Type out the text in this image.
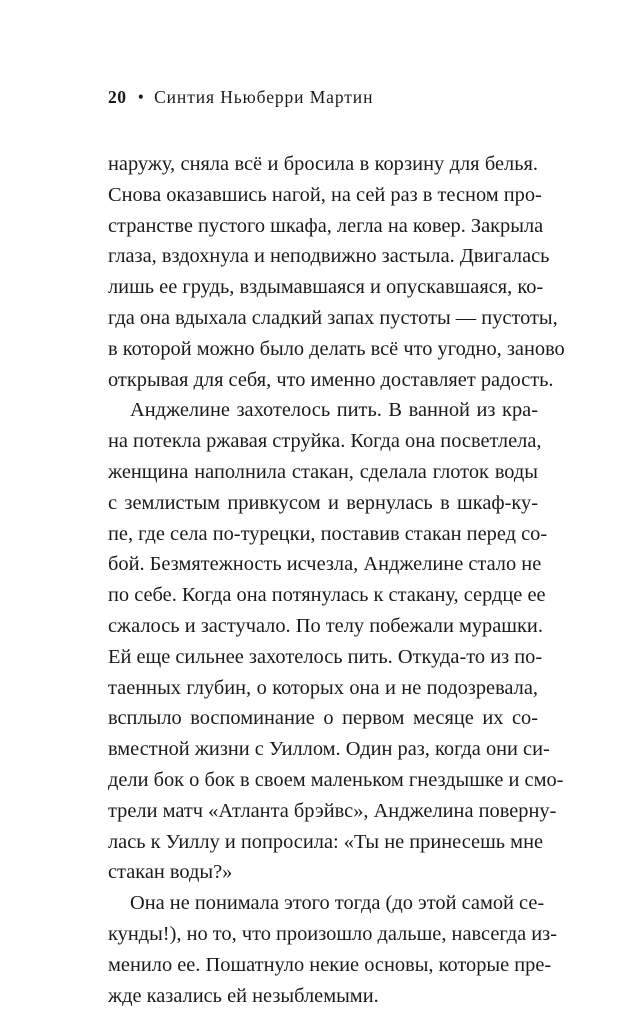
20 • Синтия Ньюберри Мартин
наружу, сняла всё и бросила в корзину для белья.
Снова оказавшись нагой, на сей раз в тесном про-
странстве пустого шкафа, легла на ковер. Закрыла
глаза, вздохнула и неподвижно застыла. Двигалась
лишь ее грудь, вздымавшаяся и опускавшаяся, ко-
гда она вдыхала сладкий запах пустоты — пустоты,
в которой можно было делать всё что угодно, заново
открывая для себя, что именно доставляет радость.
Анджелине захотелось пить. В ванной из кра-
на потекла ржавая струйка. Когда она посветлела,
женщина наполнила стакан, сделала глоток воды
с землистым привкусом и вернулась в шкаф-ку-
пе, где села по-турецки, поставив стакан перед со-
бой. Безмятежность исчезла, Анджелине стало не
по себе. Когда она потянулась к стакану, сердце ее
сжалось и застучало. По телу побежали мурашки.
Ей еще сильнее захотелось пить. Откуда-то из по-
таенных глубин, о которых она и не подозревала,
всплыло воспоминание о первом месяце их со-
вместной жизни с Уиллом. Один раз, когда они си-
дели бок о бок в своем маленьком гнездышке и смо-
трели матч «Атланта брэйвс», Анджелина поверну-
лась к Уиллу и попросила: «Ты не принесешь мне
стакан воды?»
Она не понимала этого тогда (до этой самой се-
кунды!), но то, что произошло дальше, навсегда из-
менило ее. Пошатнуло некие основы, которые пре-
жде казались ей незыблемыми.
